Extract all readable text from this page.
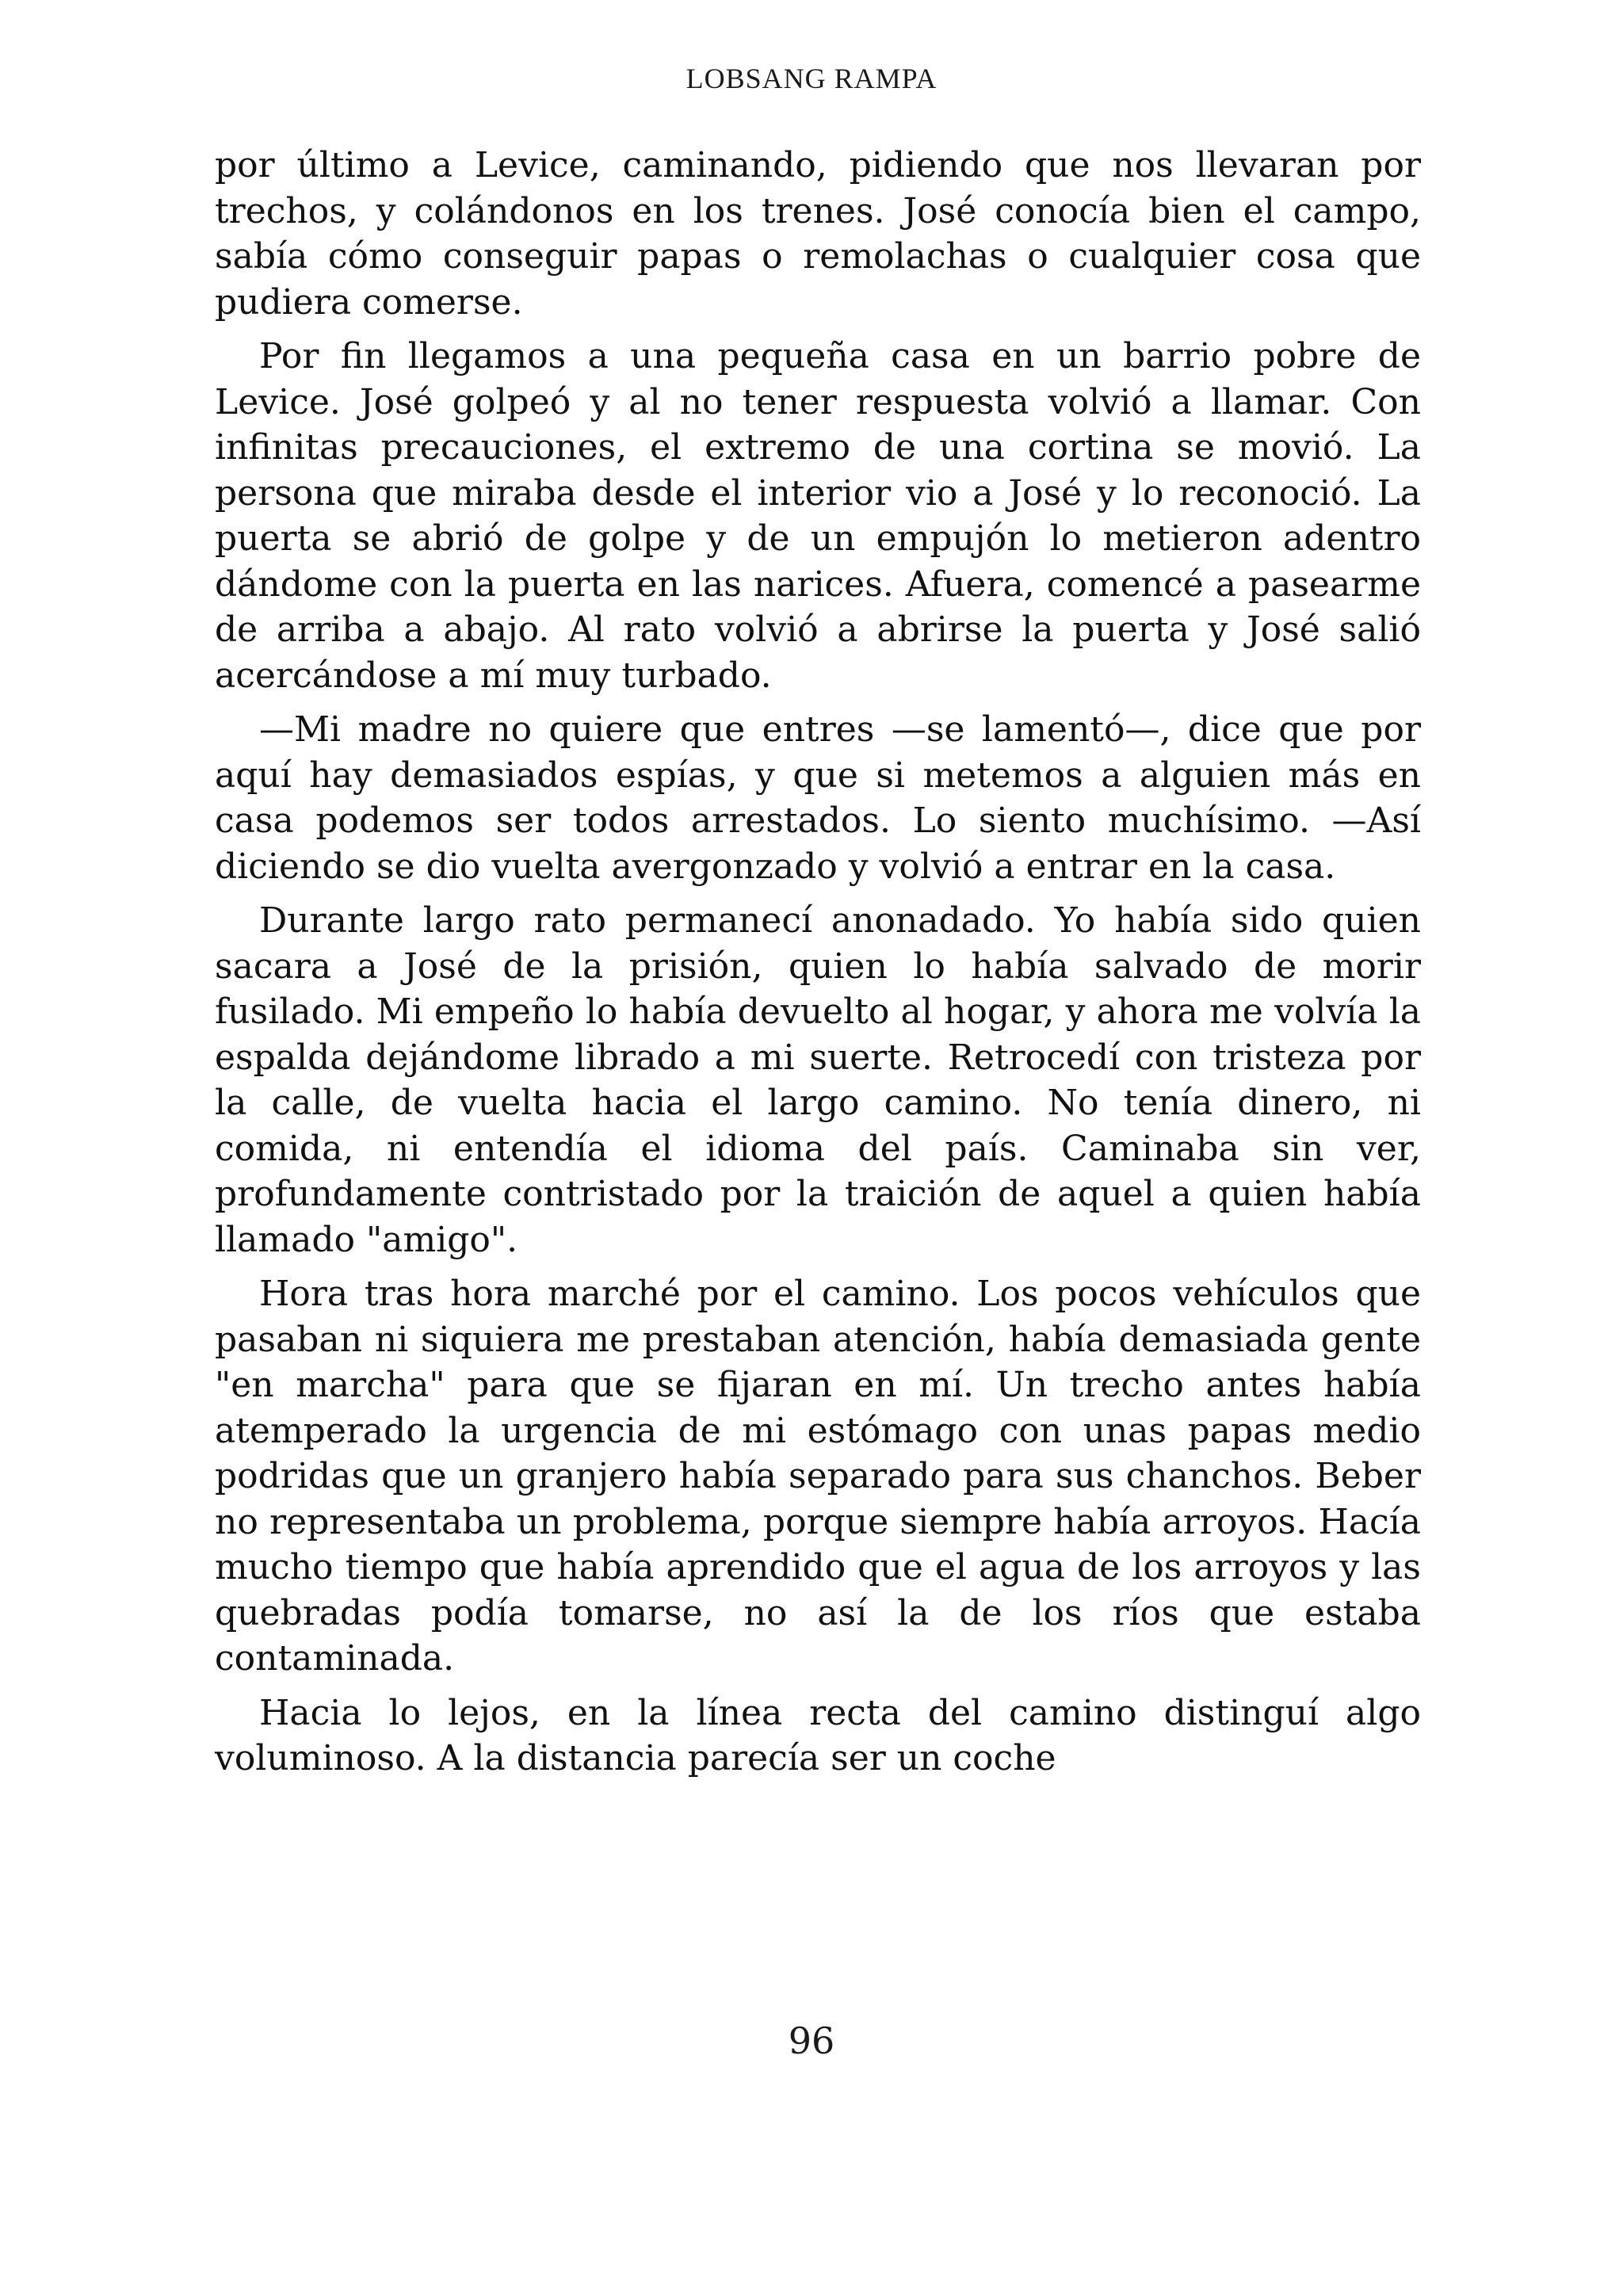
LOBSANG RAMPA

por último a Levice, caminando, pidiendo que nos llevaran por trechos, y colándonos en los trenes. José conocía bien el campo, sabía cómo conseguir papas o remolachas o cualquier cosa que pudiera comerse.

Por fin llegamos a una pequeña casa en un barrio pobre de Levice. José golpeó y al no tener respuesta volvió a llamar. Con infinitas precauciones, el extremo de una cortina se movió. La persona que miraba desde el interior vio a José y lo reconoció. La puerta se abrió de golpe y de un empujón lo metieron adentro dándome con la puerta en las narices. Afuera, comencé a pasearme de arriba a abajo. Al rato volvió a abrirse la puerta y José salió acercándose a mí muy turbado.

—Mi madre no quiere que entres —se lamentó—, dice que por aquí hay demasiados espías, y que si metemos a alguien más en casa podemos ser todos arrestados. Lo siento muchísimo. —Así diciendo se dio vuelta avergonzado y volvió a entrar en la casa.

Durante largo rato permanecí anonadado. Yo había sido quien sacara a José de la prisión, quien lo había salvado de morir fusilado. Mi empeño lo había devuelto al hogar, y ahora me volvía la espalda dejándome librado a mi suerte. Retrocedí con tristeza por la calle, de vuelta hacia el largo camino. No tenía dinero, ni comida, ni entendía el idioma del país. Caminaba sin ver, profundamente contristado por la traición de aquel a quien había llamado "amigo".

Hora tras hora marché por el camino. Los pocos vehículos que pasaban ni siquiera me prestaban atención, había demasiada gente "en marcha" para que se fijaran en mí. Un trecho antes había atemperado la urgencia de mi estómago con unas papas medio podridas que un granjero había separado para sus chanchos. Beber no representaba un problema, porque siempre había arroyos. Hacía mucho tiempo que había aprendido que el agua de los arroyos y las quebradas podía tomarse, no así la de los ríos que estaba contaminada.

Hacia lo lejos, en la línea recta del camino distinguí algo voluminoso. A la distancia parecía ser un coche

96
